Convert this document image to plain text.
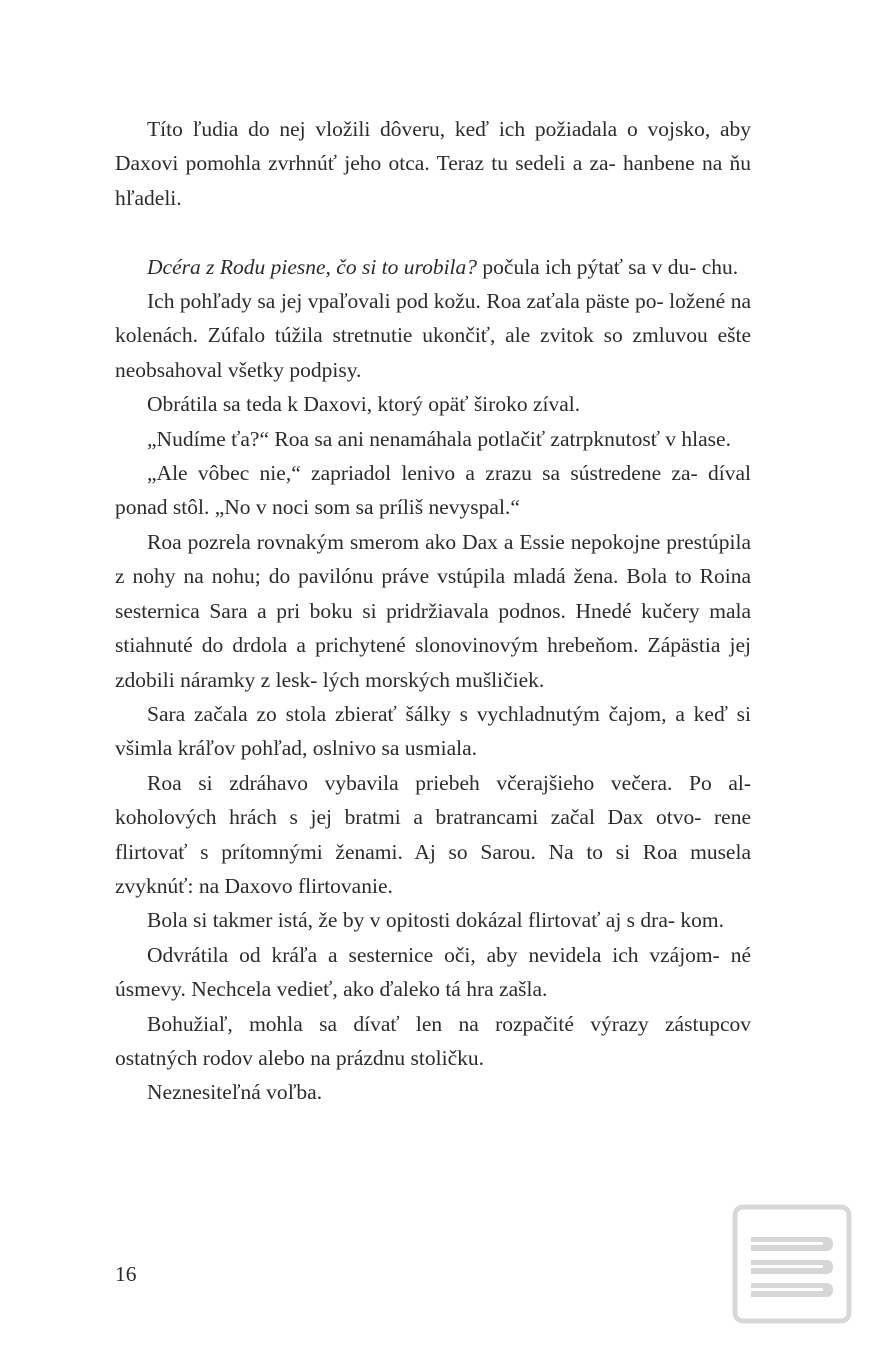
Títo ľudia do nej vložili dôveru, keď ich požiadala o vojsko, aby Daxovi pomohla zvrhnúť jeho otca. Teraz tu sedeli a za- hanbene na ňu hľadeli.

Dcéra z Rodu piesne, čo si to urobila? počula ich pýtať sa v du- chu.

Ich pohľady sa jej vpaľovali pod kožu. Roa zaťala päste po- ložené na kolenách. Zúfalo túžila stretnutie ukončiť, ale zvitok so zmluvou ešte neobsahoval všetky podpisy.

Obrátila sa teda k Daxovi, ktorý opäť široko zíval.

„Nudíme ťa?“ Roa sa ani nenamáhala potlačiť zatrpknutosť v hlase.

„Ale vôbec nie,“ zapriadol lenivo a zrazu sa sústredene za- díval ponad stôl. „No v noci som sa príliš nevyspal.“

Roa pozrela rovnakým smerom ako Dax a Essie nepokojne prestúpila z nohy na nohu; do pavilónu práve vstúpila mladá žena. Bola to Roina sesternica Sara a pri boku si pridržiavala podnos. Hnedé kučery mala stiahnuté do drdola a prichytené slonovinovým hrebeňom. Zápästia jej zdobili náramky z lesk- lých morských mušličiek.

Sara začala zo stola zbierať šálky s vychladnutým čajom, a keď si všimla kráľov pohľad, oslnivo sa usmiala.

Roa si zdráhavo vybavila priebeh včerajšieho večera. Po al- koholových hrách s jej bratmi a bratrancami začal Dax otvo- rene flirtovať s prítomnými ženami. Aj so Sarou. Na to si Roa musela zvyknúť: na Daxovo flirtovanie.

Bola si takmer istá, že by v opitosti dokázal flirtovať aj s dra- kom.

Odvrátila od kráľa a sesternice oči, aby nevidela ich vzájom- né úsmevy. Nechcela vedieť, ako ďaleko tá hra zašla.

Bohužiaľ, mohla sa dívať len na rozpačité výrazy zástupcov ostatných rodov alebo na prázdnu stoličku.

Neznesiteľná voľba.

16
